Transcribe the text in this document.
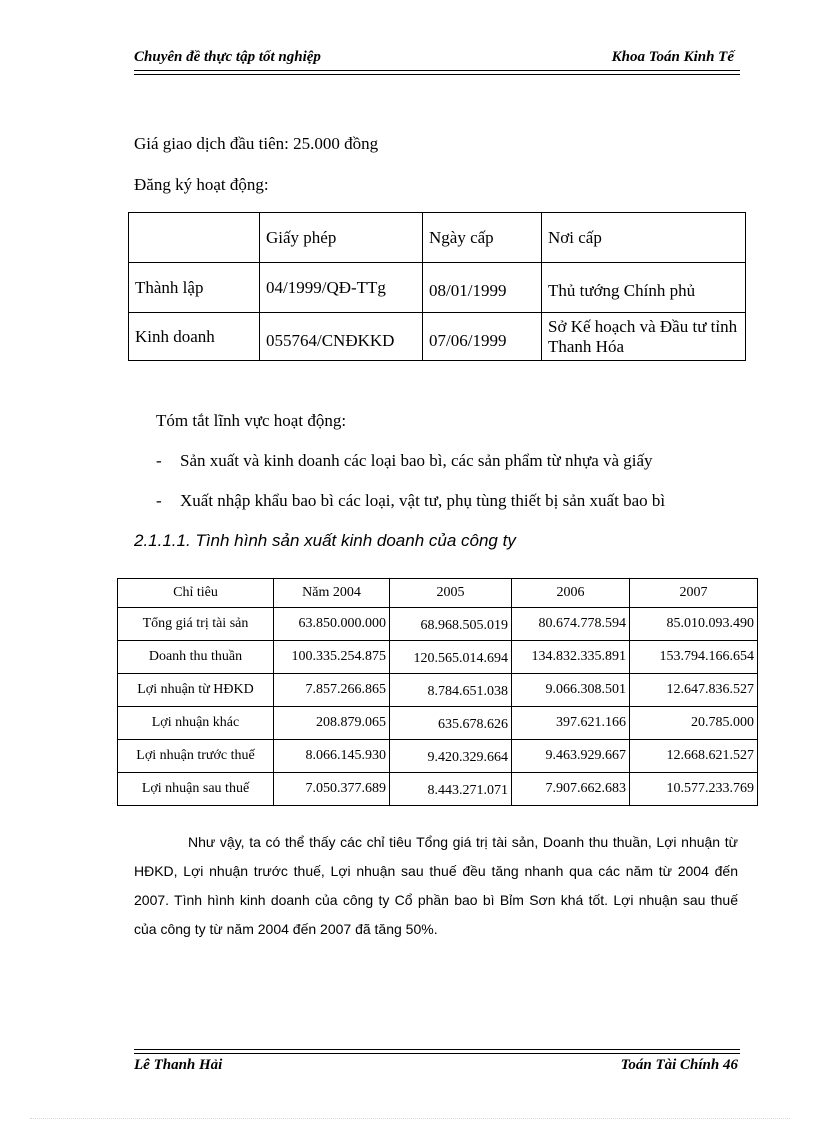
Chuyên đề thực tập tốt nghiệp	Khoa Toán Kinh Tế
Giá giao dịch đầu tiên: 25.000 đồng
Đăng ký hoạt động:
	Giấy phép	Ngày cấp	Nơi cấp
Thành lập	04/1999/QĐ-TTg	08/01/1999	Thủ tướng Chính phủ
Kinh doanh	055764/CNĐKKD	07/06/1999	Sở Kế hoạch và Đầu tư tỉnh Thanh Hóa
Tóm tắt lĩnh vực hoạt động:
- Sản xuất và kinh doanh các loại bao bì, các sản phẩm từ nhựa và giấy
- Xuất nhập khẩu bao bì các loại, vật tư, phụ tùng thiết bị sản xuất bao bì
2.1.1.1. Tình hình sản xuất kinh doanh của công ty
Chỉ tiêu	Năm 2004	2005	2006	2007
Tổng giá trị tài sản	63.850.000.000	68.968.505.019	80.674.778.594	85.010.093.490
Doanh thu thuần	100.335.254.875	120.565.014.694	134.832.335.891	153.794.166.654
Lợi nhuận từ HĐKD	7.857.266.865	8.784.651.038	9.066.308.501	12.647.836.527
Lợi nhuận khác	208.879.065	635.678.626	397.621.166	20.785.000
Lợi nhuận trước thuế	8.066.145.930	9.420.329.664	9.463.929.667	12.668.621.527
Lợi nhuận sau thuế	7.050.377.689	8.443.271.071	7.907.662.683	10.577.233.769
Như vậy, ta có thể thấy các chỉ tiêu Tổng giá trị tài sản, Doanh thu thuần, Lợi nhuận từ HĐKD, Lợi nhuận trước thuế, Lợi nhuận sau thuế đều tăng nhanh qua các năm từ 2004 đến 2007. Tình hình kinh doanh của công ty Cổ phần bao bì Bỉm Sơn khá tốt. Lợi nhuận sau thuế của công ty từ năm 2004 đến 2007 đã tăng 50%.
Lê Thanh Hải	Toán Tài Chính 46
